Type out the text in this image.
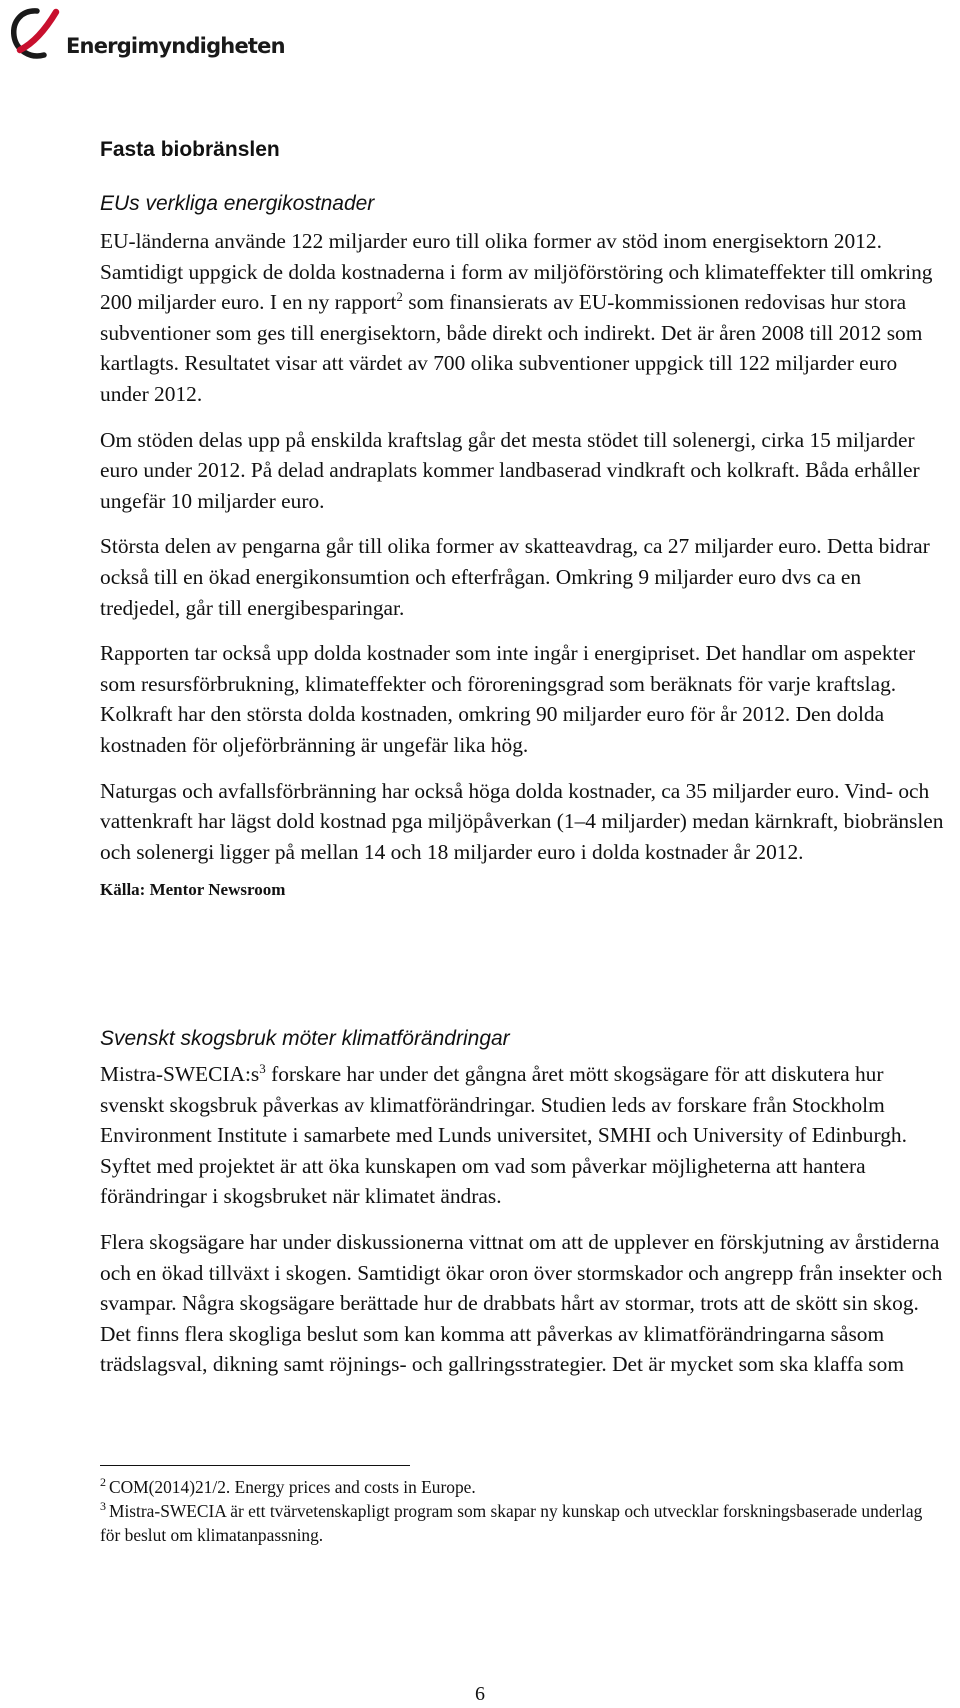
Energimyndigheten
Fasta biobränslen
EUs verkliga energikostnader

EU-länderna använde 122 miljarder euro till olika former av stöd inom energisektorn 2012. Samtidigt uppgick de dolda kostnaderna i form av miljöförstöring och klimateffekter till omkring 200 miljarder euro. I en ny rapport$^2$ som finansierats av EU-kommissionen redovisas hur stora subventioner som ges till energisektorn, både direkt och indirekt. Det är åren 2008 till 2012 som kartlagts. Resultatet visar att värdet av 700 olika subventioner uppgick till 122 miljarder euro under 2012.

Om stöden delas upp på enskilda kraftslag går det mesta stödet till solenergi, cirka 15 miljarder euro under 2012. På delad andraplats kommer landbaserad vindkraft och kolkraft. Båda erhåller ungefär 10 miljarder euro.

Största delen av pengarna går till olika former av skatteavdrag, ca 27 miljarder euro. Detta bidrar också till en ökad energikonsumtion och efterfrågan. Omkring 9 miljarder euro dvs ca en tredjedel, går till energibesparingar.

Rapporten tar också upp dolda kostnader som inte ingår i energipriset. Det handlar om aspekter som resursförbrukning, klimateffekter och föroreningsgrad som beräknats för varje kraftslag. Kolkraft har den största dolda kostnaden, omkring 90 miljarder euro för år 2012. Den dolda kostnaden för oljeförbränning är ungefär lika hög.

Naturgas och avfallsförbränning har också höga dolda kostnader, ca 35 miljarder euro. Vind- och vattenkraft har lägst dold kostnad pga miljöpåverkan (1–4 miljarder) medan kärnkraft, biobränslen och solenergi ligger på mellan 14 och 18 miljarder euro i dolda kostnader år 2012.

Källa: Mentor Newsroom
Svenskt skogsbruk möter klimatförändringar

Mistra-$SWECIA:s^3$ forskare har under det gångna året mött skogsägare för att diskutera hur svenskt skogsbruk påverkas av klimatförändringar. Studien leds av forskare från Stockholm Environment Institute i samarbete med Lunds universitet, SMHI och University of Edinburgh. Syftet med projektet är att öka kunskapen om vad som påverkar möjligheterna att hantera förändringar i skogsbruket när klimatet ändras.

Flera skogsägare har under diskussionerna vittnat om att de upplever en förskjutning av årstiderna och en ökad tillväxt i skogen. Samtidigt ökar oron över stormskador och angrepp från insekter och svampar. Några skogsägare berättade hur de drabbats hårt av stormar, trots att de skött sin skog. Det finns flera skogliga beslut som kan komma att påverkas av klimatförändringarna såsom trädslagsval, dikning samt röjnings- och gallringsstrategier. Det är mycket som ska klaffa som

$^2$ COM(2014)21/2. Energy prices and costs in Europe.
$^3$ Mistra-SWECIA är ett tvärvetenskapligt program som skapar ny kunskap och utvecklar forskningsbaserade underlag för beslut om klimatanpassning.
6
